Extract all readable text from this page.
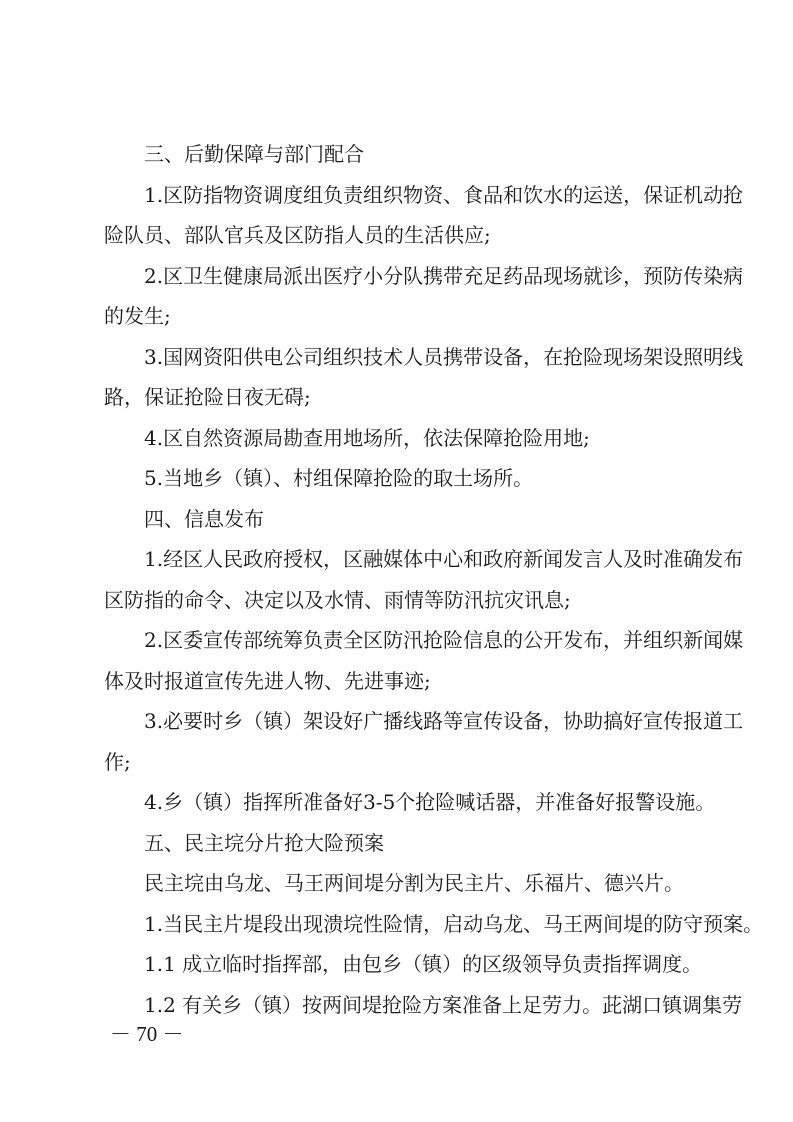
三、后勤保障与部门配合
1.区防指物资调度组负责组织物资、食品和饮水的运送，保证机动抢
险队员、部队官兵及区防指人员的生活供应;
2.区卫生健康局派出医疗小分队携带充足药品现场就诊，预防传染病
的发生;
3.国网资阳供电公司组织技术人员携带设备，在抢险现场架设照明线
路，保证抢险日夜无碍;
4.区自然资源局勘查用地场所，依法保障抢险用地;
5.当地乡（镇）、村组保障抢险的取土场所。
四、信息发布
1.经区人民政府授权，区融媒体中心和政府新闻发言人及时准确发布
区防指的命令、决定以及水情、雨情等防汛抗灾讯息;
2.区委宣传部统筹负责全区防汛抢险信息的公开发布，并组织新闻媒
体及时报道宣传先进人物、先进事迹;
3.必要时乡（镇）架设好广播线路等宣传设备，协助搞好宣传报道工
作;
4.乡（镇）指挥所准备好3-5个抢险喊话器，并准备好报警设施。
五、民主垸分片抢大险预案
民主垸由乌龙、马王两间堤分割为民主片、乐福片、德兴片。
1.当民主片堤段出现溃垸性险情，启动乌龙、马王两间堤的防守预案。
1.1 成立临时指挥部，由包乡（镇）的区级领导负责指挥调度。
1.2 有关乡（镇）按两间堤抢险方案准备上足劳力。茈湖口镇调集劳
－ 70 －
